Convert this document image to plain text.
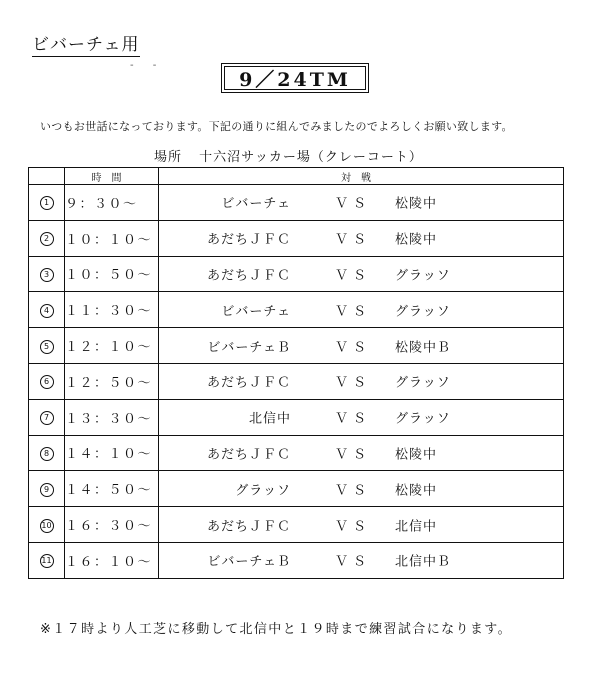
ビバーチェ用
- -
9／24TM
いつもお世話になっております。下記の通りに組んでみましたのでよろしくお願い致します。
場所 十六沼サッカー場（クレーコート）
	時間	対戦
1	９：３０～	ビバーチェ ＶＳ 松陵中

2	１０：１０～	あだちＪＦＣ ＶＳ 松陵中

3	１０：５０～	あだちＪＦＣ ＶＳ グラッソ

4	１１：３０～	ビバーチェ ＶＳ グラッソ

5	１２：１０～	ビバーチェＢ ＶＳ 松陵中Ｂ

6	１２：５０～	あだちＪＦＣ ＶＳ グラッソ

7	１３：３０～	北信中 ＶＳ グラッソ

8	１４：１０～	あだちＪＦＣ ＶＳ 松陵中

9	１４：５０～	グラッソ ＶＳ 松陵中

10	１６：３０～	あだちＪＦＣ ＶＳ 北信中

11	１６：１０～	ビバーチェＢ ＶＳ 北信中Ｂ
※１７時より人工芝に移動して北信中と１９時まで練習試合になります。
